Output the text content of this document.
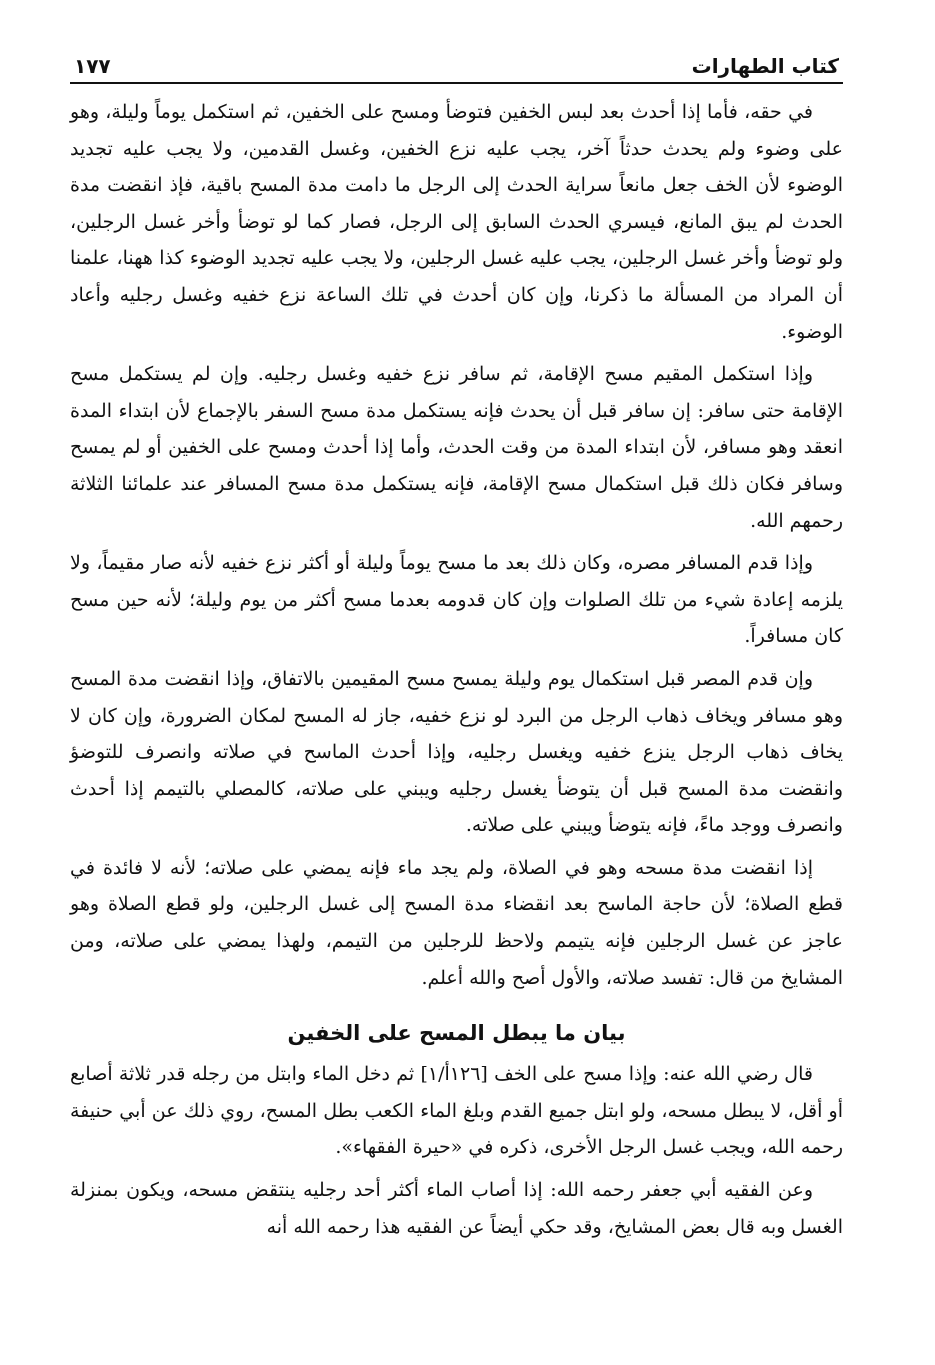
كتاب الطهارات
١٧٧

في حقه، فأما إذا أحدث بعد لبس الخفين فتوضأ ومسح على الخفين، ثم استكمل يوماً وليلة، وهو على وضوء ولم يحدث حدثاً آخر، يجب عليه نزع الخفين، وغسل القدمين، ولا يجب عليه تجديد الوضوء لأن الخف جعل مانعاً سراية الحدث إلى الرجل ما دامت مدة المسح باقية، فإذ انقضت مدة الحدث لم يبق المانع، فيسري الحدث السابق إلى الرجل، فصار كما لو توضأ وأخر غسل الرجلين، ولو توضأ وأخر غسل الرجلين، يجب عليه غسل الرجلين، ولا يجب عليه تجديد الوضوء كذا ههنا، علمنا أن المراد من المسألة ما ذكرنا، وإن كان أحدث في تلك الساعة نزع خفيه وغسل رجليه وأعاد الوضوء.

وإذا استكمل المقيم مسح الإقامة، ثم سافر نزع خفيه وغسل رجليه. وإن لم يستكمل مسح الإقامة حتى سافر: إن سافر قبل أن يحدث فإنه يستكمل مدة مسح السفر بالإجماع لأن ابتداء المدة انعقد وهو مسافر، لأن ابتداء المدة من وقت الحدث، وأما إذا أحدث ومسح على الخفين أو لم يمسح وسافر فكان ذلك قبل استكمال مسح الإقامة، فإنه يستكمل مدة مسح المسافر عند علمائنا الثلاثة رحمهم الله.

وإذا قدم المسافر مصره، وكان ذلك بعد ما مسح يوماً وليلة أو أكثر نزع خفيه لأنه صار مقيماً، ولا يلزمه إعادة شيء من تلك الصلوات وإن كان قدومه بعدما مسح أكثر من يوم وليلة؛ لأنه حين مسح كان مسافراً.

وإن قدم المصر قبل استكمال يوم وليلة يمسح مسح المقيمين بالاتفاق، وإذا انقضت مدة المسح وهو مسافر ويخاف ذهاب الرجل من البرد لو نزع خفيه، جاز له المسح لمكان الضرورة، وإن كان لا يخاف ذهاب الرجل ينزع خفيه ويغسل رجليه، وإذا أحدث الماسح في صلاته وانصرف للتوضؤ وانقضت مدة المسح قبل أن يتوضأ يغسل رجليه ويبني على صلاته، كالمصلي بالتيمم إذا أحدث وانصرف ووجد ماءً، فإنه يتوضأ ويبني على صلاته.

إذا انقضت مدة مسحه وهو في الصلاة، ولم يجد ماء فإنه يمضي على صلاته؛ لأنه لا فائدة في قطع الصلاة؛ لأن حاجة الماسح بعد انقضاء مدة المسح إلى غسل الرجلين، ولو قطع الصلاة وهو عاجز عن غسل الرجلين فإنه يتيمم ولاحظ للرجلين من التيمم، ولهذا يمضي على صلاته، ومن المشايخ من قال: تفسد صلاته، والأول أصح والله أعلم.

بيان ما يبطل المسح على الخفين

قال رضي الله عنه: وإذا مسح على الخف [١٢٦أ/١] ثم دخل الماء وابتل من رجله قدر ثلاثة أصابع أو أقل، لا يبطل مسحه، ولو ابتل جميع القدم وبلغ الماء الكعب بطل المسح، روي ذلك عن أبي حنيفة رحمه الله، ويجب غسل الرجل الأخرى، ذكره في «حيرة الفقهاء».

وعن الفقيه أبي جعفر رحمه الله: إذا أصاب الماء أكثر أحد رجليه ينتقض مسحه، ويكون بمنزلة الغسل وبه قال بعض المشايخ، وقد حكي أيضاً عن الفقيه هذا رحمه الله أنه
